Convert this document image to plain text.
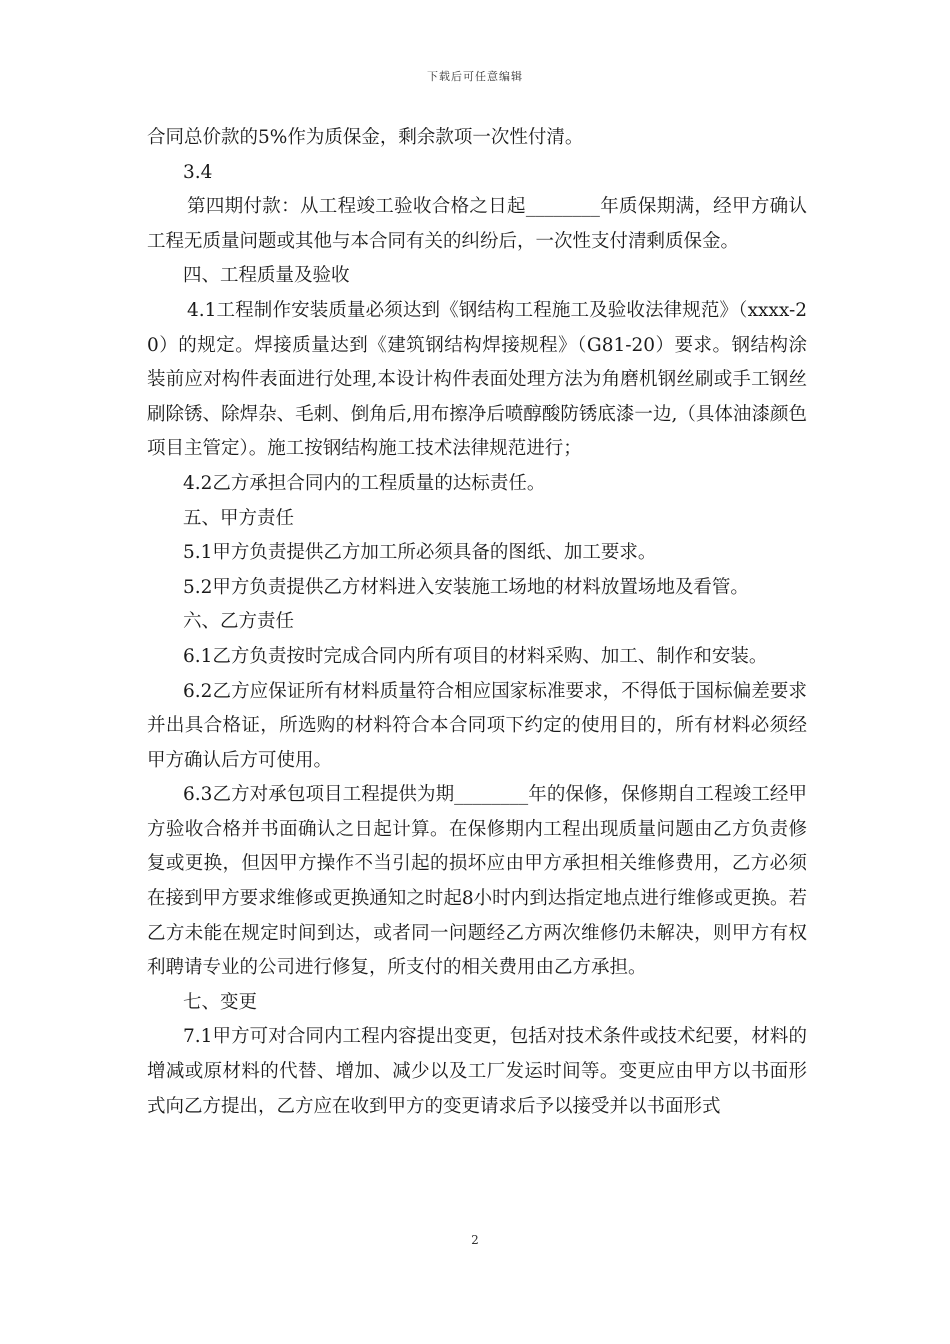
下载后可任意编辑

合同总价款的5%作为质保金，剩余款项一次性付清。

3.4

第四期付款：从工程竣工验收合格之日起________年质保期满，经甲方确认工程无质量问题或其他与本合同有关的纠纷后，一次性支付清剩质保金。

四、工程质量及验收

4.1工程制作安装质量必须达到《钢结构工程施工及验收法律规范》（xxxx-20）的规定。焊接质量达到《建筑钢结构焊接规程》（G81-20）要求。钢结构涂装前应对构件表面进行处理,本设计构件表面处理方法为角磨机钢丝刷或手工钢丝刷除锈、除焊杂、毛刺、倒角后,用布擦净后喷醇酸防锈底漆一边,（具体油漆颜色项目主管定）。施工按钢结构施工技术法律规范进行；

4.2乙方承担合同内的工程质量的达标责任。

五、甲方责任

5.1甲方负责提供乙方加工所必须具备的图纸、加工要求。

5.2甲方负责提供乙方材料进入安装施工场地的材料放置场地及看管。

六、乙方责任

6.1乙方负责按时完成合同内所有项目的材料采购、加工、制作和安装。

6.2乙方应保证所有材料质量符合相应国家标准要求，不得低于国标偏差要求并出具合格证，所选购的材料符合本合同项下约定的使用目的，所有材料必须经甲方确认后方可使用。

6.3乙方对承包项目工程提供为期________年的保修，保修期自工程竣工经甲方验收合格并书面确认之日起计算。在保修期内工程出现质量问题由乙方负责修复或更换，但因甲方操作不当引起的损坏应由甲方承担相关维修费用，乙方必须在接到甲方要求维修或更换通知之时起8小时内到达指定地点进行维修或更换。若乙方未能在规定时间到达，或者同一问题经乙方两次维修仍未解决，则甲方有权利聘请专业的公司进行修复，所支付的相关费用由乙方承担。

七、变更

7.1甲方可对合同内工程内容提出变更，包括对技术条件或技术纪要，材料的增减或原材料的代替、增加、减少以及工厂发运时间等。变更应由甲方以书面形式向乙方提出，乙方应在收到甲方的变更请求后予以接受并以书面形式

2
